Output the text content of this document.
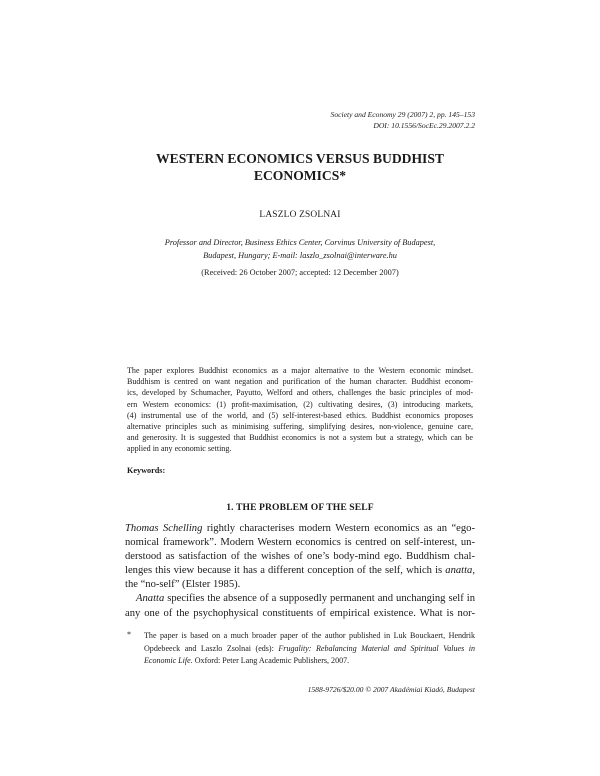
Society and Economy 29 (2007) 2, pp. 145–153
DOI: 10.1556/SocEc.29.2007.2.2
WESTERN ECONOMICS VERSUS BUDDHIST
ECONOMICS*
LASZLO ZSOLNAI
Professor and Director, Business Ethics Center, Corvinus University of Budapest,
Budapest, Hungary; E-mail: laszlo_zsolnai@interware.hu
(Received: 26 October 2007; accepted: 12 December 2007)
The paper explores Buddhist economics as a major alternative to the Western economic mindset.
Buddhism is centred on want negation and purification of the human character. Buddhist econom-
ics, developed by Schumacher, Payutto, Welford and others, challenges the basic principles of mod-
ern Western economics: (1) profit-maximisation, (2) cultivating desires, (3) introducing markets,
(4) instrumental use of the world, and (5) self-interest-based ethics. Buddhist economics proposes
alternative principles such as minimising suffering, simplifying desires, non-violence, genuine care,
and generosity. It is suggested that Buddhist economics is not a system but a strategy, which can be
applied in any economic setting.
Keywords:
1. THE PROBLEM OF THE SELF
Thomas Schelling rightly characterises modern Western economics as an “ego-
nomical framework”. Modern Western economics is centred on self-interest, un-
derstood as satisfaction of the wishes of one’s body-mind ego. Buddhism chal-
lenges this view because it has a different conception of the self, which is anatta,
the “no-self” (Elster 1985).
Anatta specifies the absence of a supposedly permanent and unchanging self in
any one of the psychophysical constituents of empirical existence. What is nor-
* The paper is based on a much broader paper of the author published in Luk Bouckaert, Hendrik
Opdebeeck and Laszlo Zsolnai (eds): Frugality: Rebalancing Material and Spiritual Values in
Economic Life. Oxford: Peter Lang Academic Publishers, 2007.
1588-9726/$20.00 © 2007 Akadémiai Kiadó, Budapest
